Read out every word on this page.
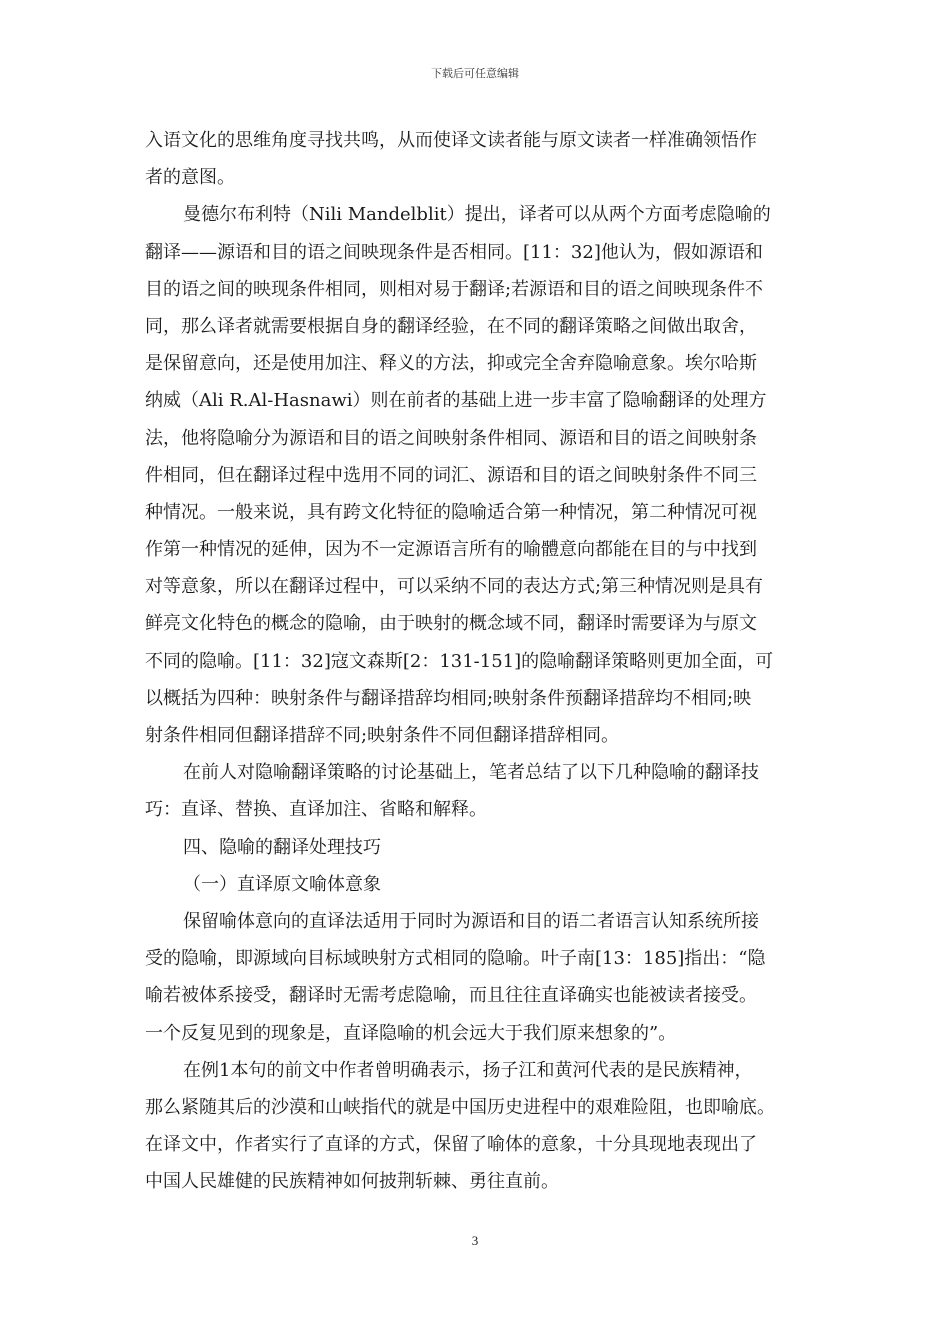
下载后可任意编辑
入语文化的思维角度寻找共鸣，从而使译文读者能与原文读者一样准确领悟作
者的意图。
曼德尔布利特（Nili Mandelblit）提出，译者可以从两个方面考虑隐喻的
翻译——源语和目的语之间映现条件是否相同。[11：32]他认为，假如源语和
目的语之间的映现条件相同，则相对易于翻译;若源语和目的语之间映现条件不
同，那么译者就需要根据自身的翻译经验，在不同的翻译策略之间做出取舍，
是保留意向，还是使用加注、释义的方法，抑或完全舍弃隐喻意象。埃尔哈斯
纳威（Ali R.Al-Hasnawi）则在前者的基础上进一步丰富了隐喻翻译的处理方
法，他将隐喻分为源语和目的语之间映射条件相同、源语和目的语之间映射条
件相同，但在翻译过程中选用不同的词汇、源语和目的语之间映射条件不同三
种情况。一般来说，具有跨文化特征的隐喻适合第一种情况，第二种情况可视
作第一种情况的延伸，因为不一定源语言所有的喻體意向都能在目的与中找到
对等意象，所以在翻译过程中，可以采纳不同的表达方式;第三种情况则是具有
鲜亮文化特色的概念的隐喻，由于映射的概念域不同，翻译时需要译为与原文
不同的隐喻。[11：32]寇文森斯[2：131-151]的隐喻翻译策略则更加全面，可
以概括为四种：映射条件与翻译措辞均相同;映射条件预翻译措辞均不相同;映
射条件相同但翻译措辞不同;映射条件不同但翻译措辞相同。
在前人对隐喻翻译策略的讨论基础上，笔者总结了以下几种隐喻的翻译技
巧：直译、替换、直译加注、省略和解释。
四、隐喻的翻译处理技巧
（一）直译原文喻体意象
保留喻体意向的直译法适用于同时为源语和目的语二者语言认知系统所接
受的隐喻，即源域向目标域映射方式相同的隐喻。叶子南[13：185]指出：“隐
喻若被体系接受，翻译时无需考虑隐喻，而且往往直译确实也能被读者接受。
一个反复见到的现象是，直译隐喻的机会远大于我们原来想象的”。
在例1本句的前文中作者曾明确表示，扬子江和黄河代表的是民族精神，
那么紧随其后的沙漠和山峡指代的就是中国历史进程中的艰难险阻，也即喻底。
在译文中，作者实行了直译的方式，保留了喻体的意象，十分具现地表现出了
中国人民雄健的民族精神如何披荆斩棘、勇往直前。
3
